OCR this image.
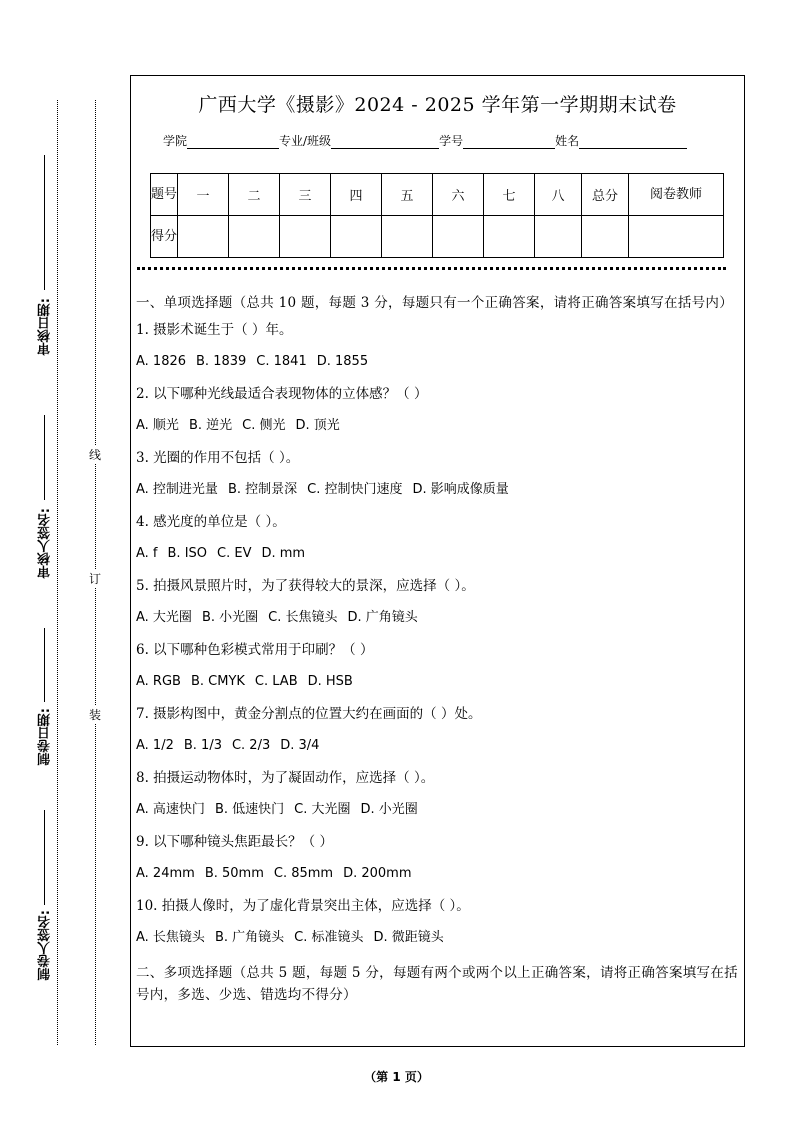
线
订
装
审核日期:
审核人签名:
制卷日期:
制卷人签名:
广西大学《摄影》2024 - 2025 学年第一学期期末试卷
学院	专业/班级	学号	姓名
题号	一	二	三	四	五	六	七	八	总分	阅卷教师
得分										
一、单项选择题（总共 10 题，每题 3 分，每题只有一个正确答案，请将正确答案填写在括号内）
1. 摄影术诞生于（ ）年。
A. 1826 B. 1839 C. 1841 D. 1855
2. 以下哪种光线最适合表现物体的立体感？（ ）
A. 顺光 B. 逆光 C. 侧光 D. 顶光
3. 光圈的作用不包括（ ）。
A. 控制进光量 B. 控制景深 C. 控制快门速度 D. 影响成像质量
4. 感光度的单位是（ ）。
A. f B. ISO C. EV D. mm
5. 拍摄风景照片时，为了获得较大的景深，应选择（ ）。
A. 大光圈 B. 小光圈 C. 长焦镜头 D. 广角镜头
6. 以下哪种色彩模式常用于印刷？（ ）
A. RGB B. CMYK C. LAB D. HSB
7. 摄影构图中，黄金分割点的位置大约在画面的（ ）处。
A. 1/2 B. 1/3 C. 2/3 D. 3/4
8. 拍摄运动物体时，为了凝固动作，应选择（ ）。
A. 高速快门 B. 低速快门 C. 大光圈 D. 小光圈
9. 以下哪种镜头焦距最长？（ ）
A. 24mm B. 50mm C. 85mm D. 200mm
10. 拍摄人像时，为了虚化背景突出主体，应选择（ ）。
A. 长焦镜头 B. 广角镜头 C. 标准镜头 D. 微距镜头
二、多项选择题（总共 5 题，每题 5 分，每题有两个或两个以上正确答案，请将正确答案填写在括号内，多选、少选、错选均不得分）
（第 1 页）
